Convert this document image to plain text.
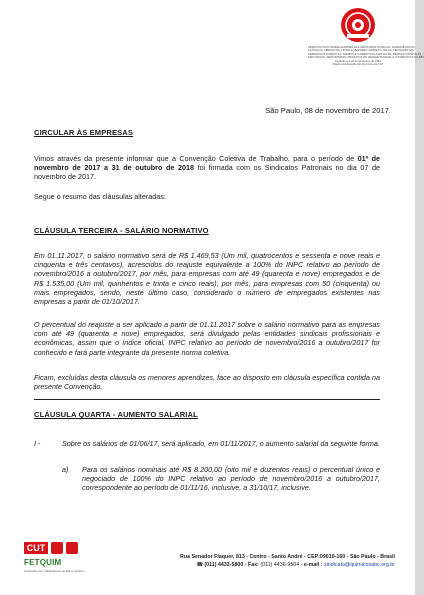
SINDICATO DOS TRABALHADORES NAS INDÚSTRIAS QUÍMICAS, FARMACÊUTICAS,
PLÁSTICAS, ABRASIVOS, TINTAS E VERNIZES, SABÕES E VELAS, FERTILIZANTES,
DEFENSIVOS AGRÍCOLAS, ADUBOS E CORRETIVOS AGRÍCOLAS, RESINAS SINTÉTICAS,
EXPLOSIVOS, PERFUMARIAS, PRODUTOS DE HIGIENE PESSOAL E COSMÉTICOS DO ABC
Fundado em 18 de dezembro de 1953
Filiado à Federação dos Químicos da CUT
São Paulo, 08 de novembro de 2017.
CIRCULAR ÀS EMPRESAS
Vimos através da presente informar que a Convenção Coletiva de Trabalho, para o período de 01º de novembro de 2017 a 31 de outubro de 2018 foi firmada com os Sindicatos Patronais no dia 07 de novembro de 2017.
Segue o resumo das cláusulas alteradas:
CLÁUSULA TERCEIRA - SALÁRIO NORMATIVO
Em 01.11.2017, o salário normativo será de R$ 1.469,53 (Um mil, quatrocentos e sessenta e nove reais e cinquenta e três centavos), acrescidos do reajuste equivalente a 100% do INPC relativo ao período de novembro/2016 a outubro/2017, por mês, para empresas com até 49 (quarenta e nove) empregados e de R$ 1.535,00 (Um mil, quinhentos e trinta e cinco reais), por mês, para empresas com 50 (cinquenta) ou mais empregados, sendo, neste último caso, considerado o número de empregados existentes nas empresas a partir de 01/10/2017.
O percentual do reajuste a ser aplicado a partir de 01.11.2017 sobre o salário normativo para as empresas com até 49 (quarenta e nove) empregados, será divulgado pelas entidades sindicais profissionais e econômicas, assim que o índice oficial, INPC relativo ao período de novembro/2016 a outubro/2017 for conhecido e fará parte integrante da presente norma coletiva.
Ficam, excluídas desta cláusula os menores aprendizes, face ao disposto em cláusula específica contida na presente Convenção.
CLÁUSULA QUARTA - AUMENTO SALARIAL
I -	Sobre os salários de 01/06/17, será aplicado, em 01/11/2017, o aumento salarial da seguinte forma.
a) Para os salários nominais até R$ 8.200,00 (oito mil e duzentos reais) o percentual único e negociado de 100% do INPC relativo ao período de novembro/2016 a outubro/2017, correspondente ao período de 01/11/16, inclusive, a 31/10/17, inclusive.
CUT
FETQUIM
Federação dos Trabalhadores do Ramo Químico
Rua Senador Flaquer, 813 - Centro - Santo André - CEP:09010-160 - São Paulo - Brasil
☎ (011) 4433-5800 - Fax: (011) 4436-9504 - e-mail : sindicato@quimicosabc.org.br
